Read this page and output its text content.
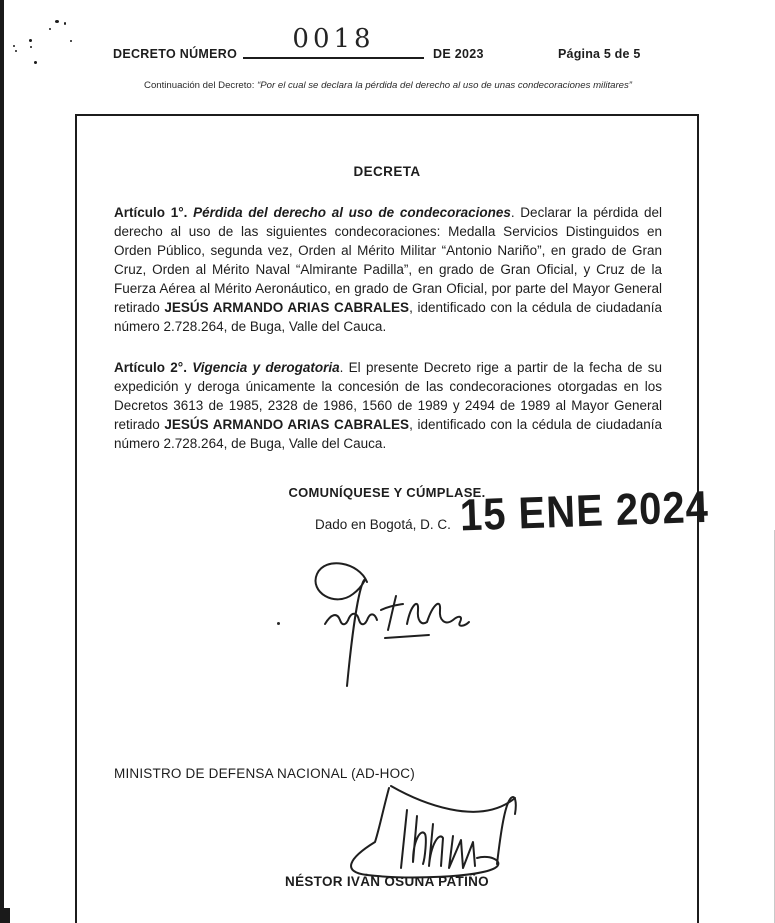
DECRETO NÚMERO	0018	DE 2023	Página 5 de 5
Continuación del Decreto: “Por el cual se declara la pérdida del derecho al uso de unas condecoraciones militares”
DECRETA
Artículo 1°. Pérdida del derecho al uso de condecoraciones. Declarar la pérdida del derecho al uso de las siguientes condecoraciones: Medalla Servicios Distinguidos en Orden Público, segunda vez, Orden al Mérito Militar “Antonio Nariño”, en grado de Gran Cruz, Orden al Mérito Naval “Almirante Padilla”, en grado de Gran Oficial, y Cruz de la Fuerza Aérea al Mérito Aeronáutico, en grado de Gran Oficial, por parte del Mayor General retirado JESÚS ARMANDO ARIAS CABRALES, identificado con la cédula de ciudadanía número 2.728.264, de Buga, Valle del Cauca.
Artículo 2°. Vigencia y derogatoria. El presente Decreto rige a partir de la fecha de su expedición y deroga únicamente la concesión de las condecoraciones otorgadas en los Decretos 3613 de 1985, 2328 de 1986, 1560 de 1989 y 2494 de 1989 al Mayor General retirado JESÚS ARMANDO ARIAS CABRALES, identificado con la cédula de ciudadanía número 2.728.264, de Buga, Valle del Cauca.
COMUNÍQUESE Y CÚMPLASE.
Dado en Bogotá, D. C. 15 ENE 2024
MINISTRO DE DEFENSA NACIONAL (AD-HOC)
NÉSTOR IVÁN OSUNA PATIÑO
